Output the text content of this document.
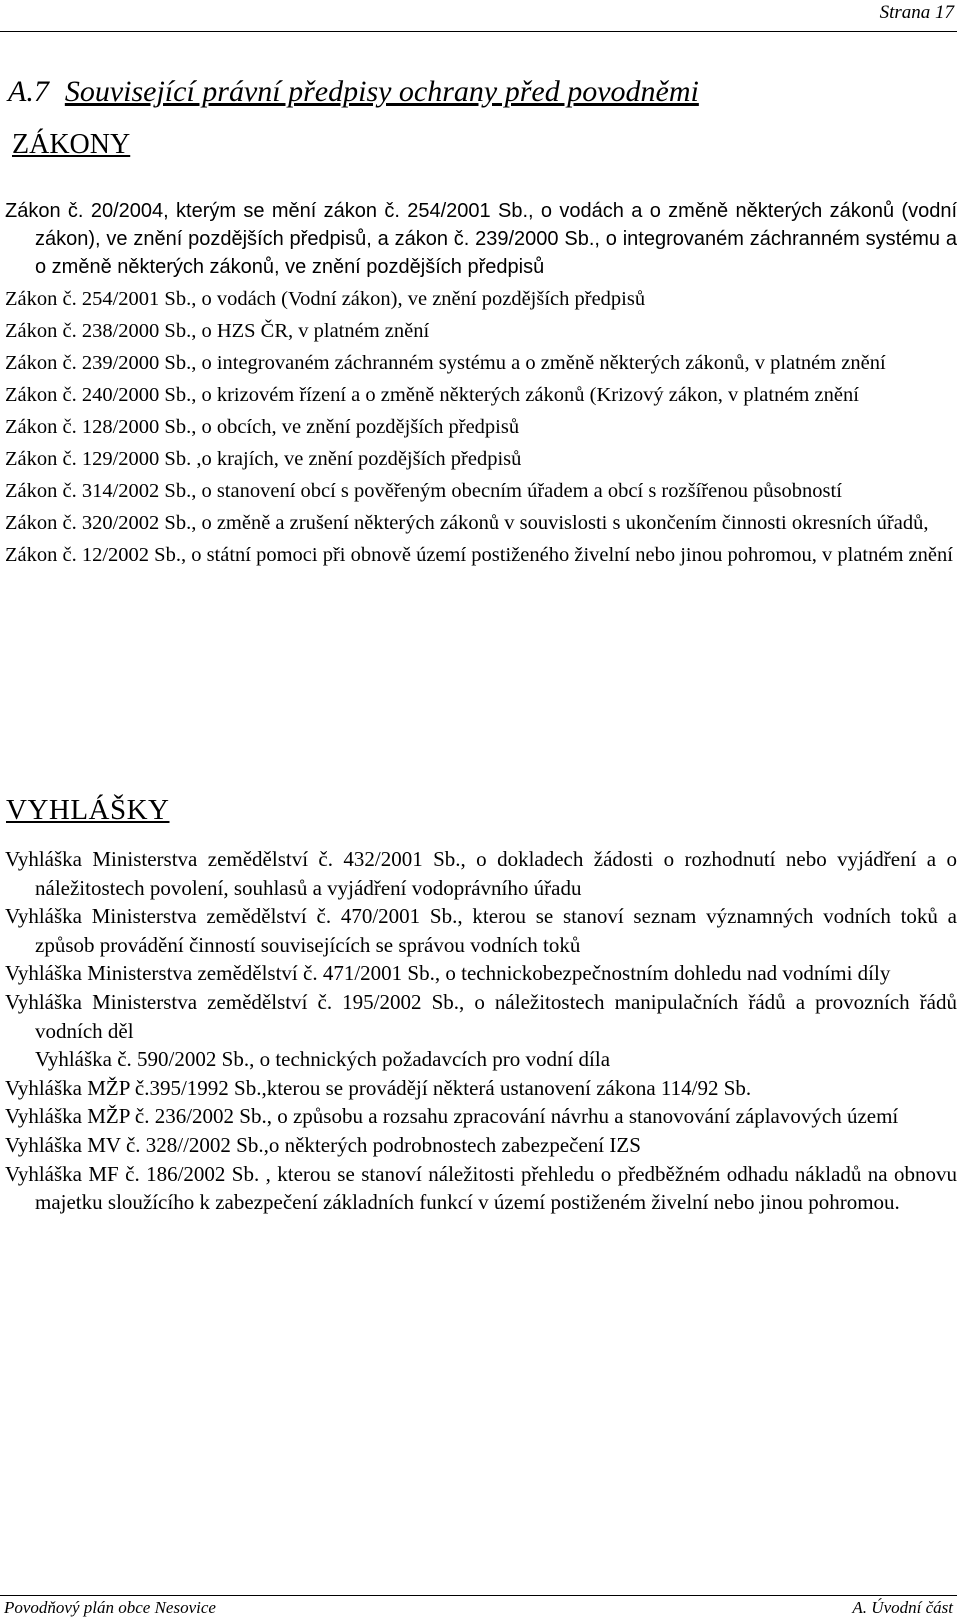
Strana 17
A.7 Související právní předpisy ochrany před povodněmi
ZÁKONY
Zákon č. 20/2004, kterým se mění zákon č. 254/2001 Sb., o vodách a o změně některých zákonů (vodní zákon), ve znění pozdějších předpisů, a zákon č. 239/2000 Sb., o integrovaném záchranném systému a o změně některých zákonů, ve znění pozdějších předpisů
Zákon č. 254/2001 Sb., o vodách (Vodní zákon), ve znění pozdějších předpisů
Zákon č. 238/2000 Sb., o HZS ČR, v platném znění
Zákon č. 239/2000 Sb., o integrovaném záchranném systému a o změně některých zákonů, v platném znění
Zákon č. 240/2000 Sb., o krizovém řízení a o změně některých zákonů (Krizový zákon, v platném znění
Zákon č. 128/2000 Sb., o obcích, ve znění pozdějších předpisů
Zákon č. 129/2000 Sb. ,o krajích, ve znění pozdějších předpisů
Zákon č. 314/2002 Sb., o stanovení obcí s pověřeným obecním úřadem a obcí s rozšířenou působností
Zákon č. 320/2002 Sb., o změně a zrušení některých zákonů v souvislosti s ukončením činnosti okresních úřadů,
Zákon č. 12/2002 Sb., o státní pomoci při obnově území postiženého živelní nebo jinou pohromou, v platném znění
VYHLÁŠKY
Vyhláška Ministerstva zemědělství č. 432/2001 Sb., o dokladech žádosti o rozhodnutí nebo vyjádření a o náležitostech povolení, souhlasů a vyjádření vodoprávního úřadu
Vyhláška Ministerstva zemědělství č. 470/2001 Sb., kterou se stanoví seznam významných vodních toků a způsob provádění činností souvisejících se správou vodních toků
Vyhláška Ministerstva zemědělství č. 471/2001 Sb., o technickobezpečnostním dohledu nad vodními díly
Vyhláška Ministerstva zemědělství č. 195/2002 Sb., o náležitostech manipulačních řádů a provozních řádů vodních děl
Vyhláška č. 590/2002 Sb., o technických požadavcích pro vodní díla
Vyhláška MŽP č.395/1992 Sb.,kterou se provádějí některá ustanovení zákona 114/92 Sb.
Vyhláška MŽP č. 236/2002 Sb., o způsobu a rozsahu zpracování návrhu a stanovování záplavových území
Vyhláška MV č. 328//2002 Sb.,o některých podrobnostech zabezpečení IZS
Vyhláška MF č. 186/2002 Sb. , kterou se stanoví náležitosti přehledu o předběžném odhadu nákladů na obnovu majetku sloužícího k zabezpečení základních funkcí v území postiženém živelní nebo jinou pohromou.
Povodňový plán obce Nesovice	A. Úvodní část
